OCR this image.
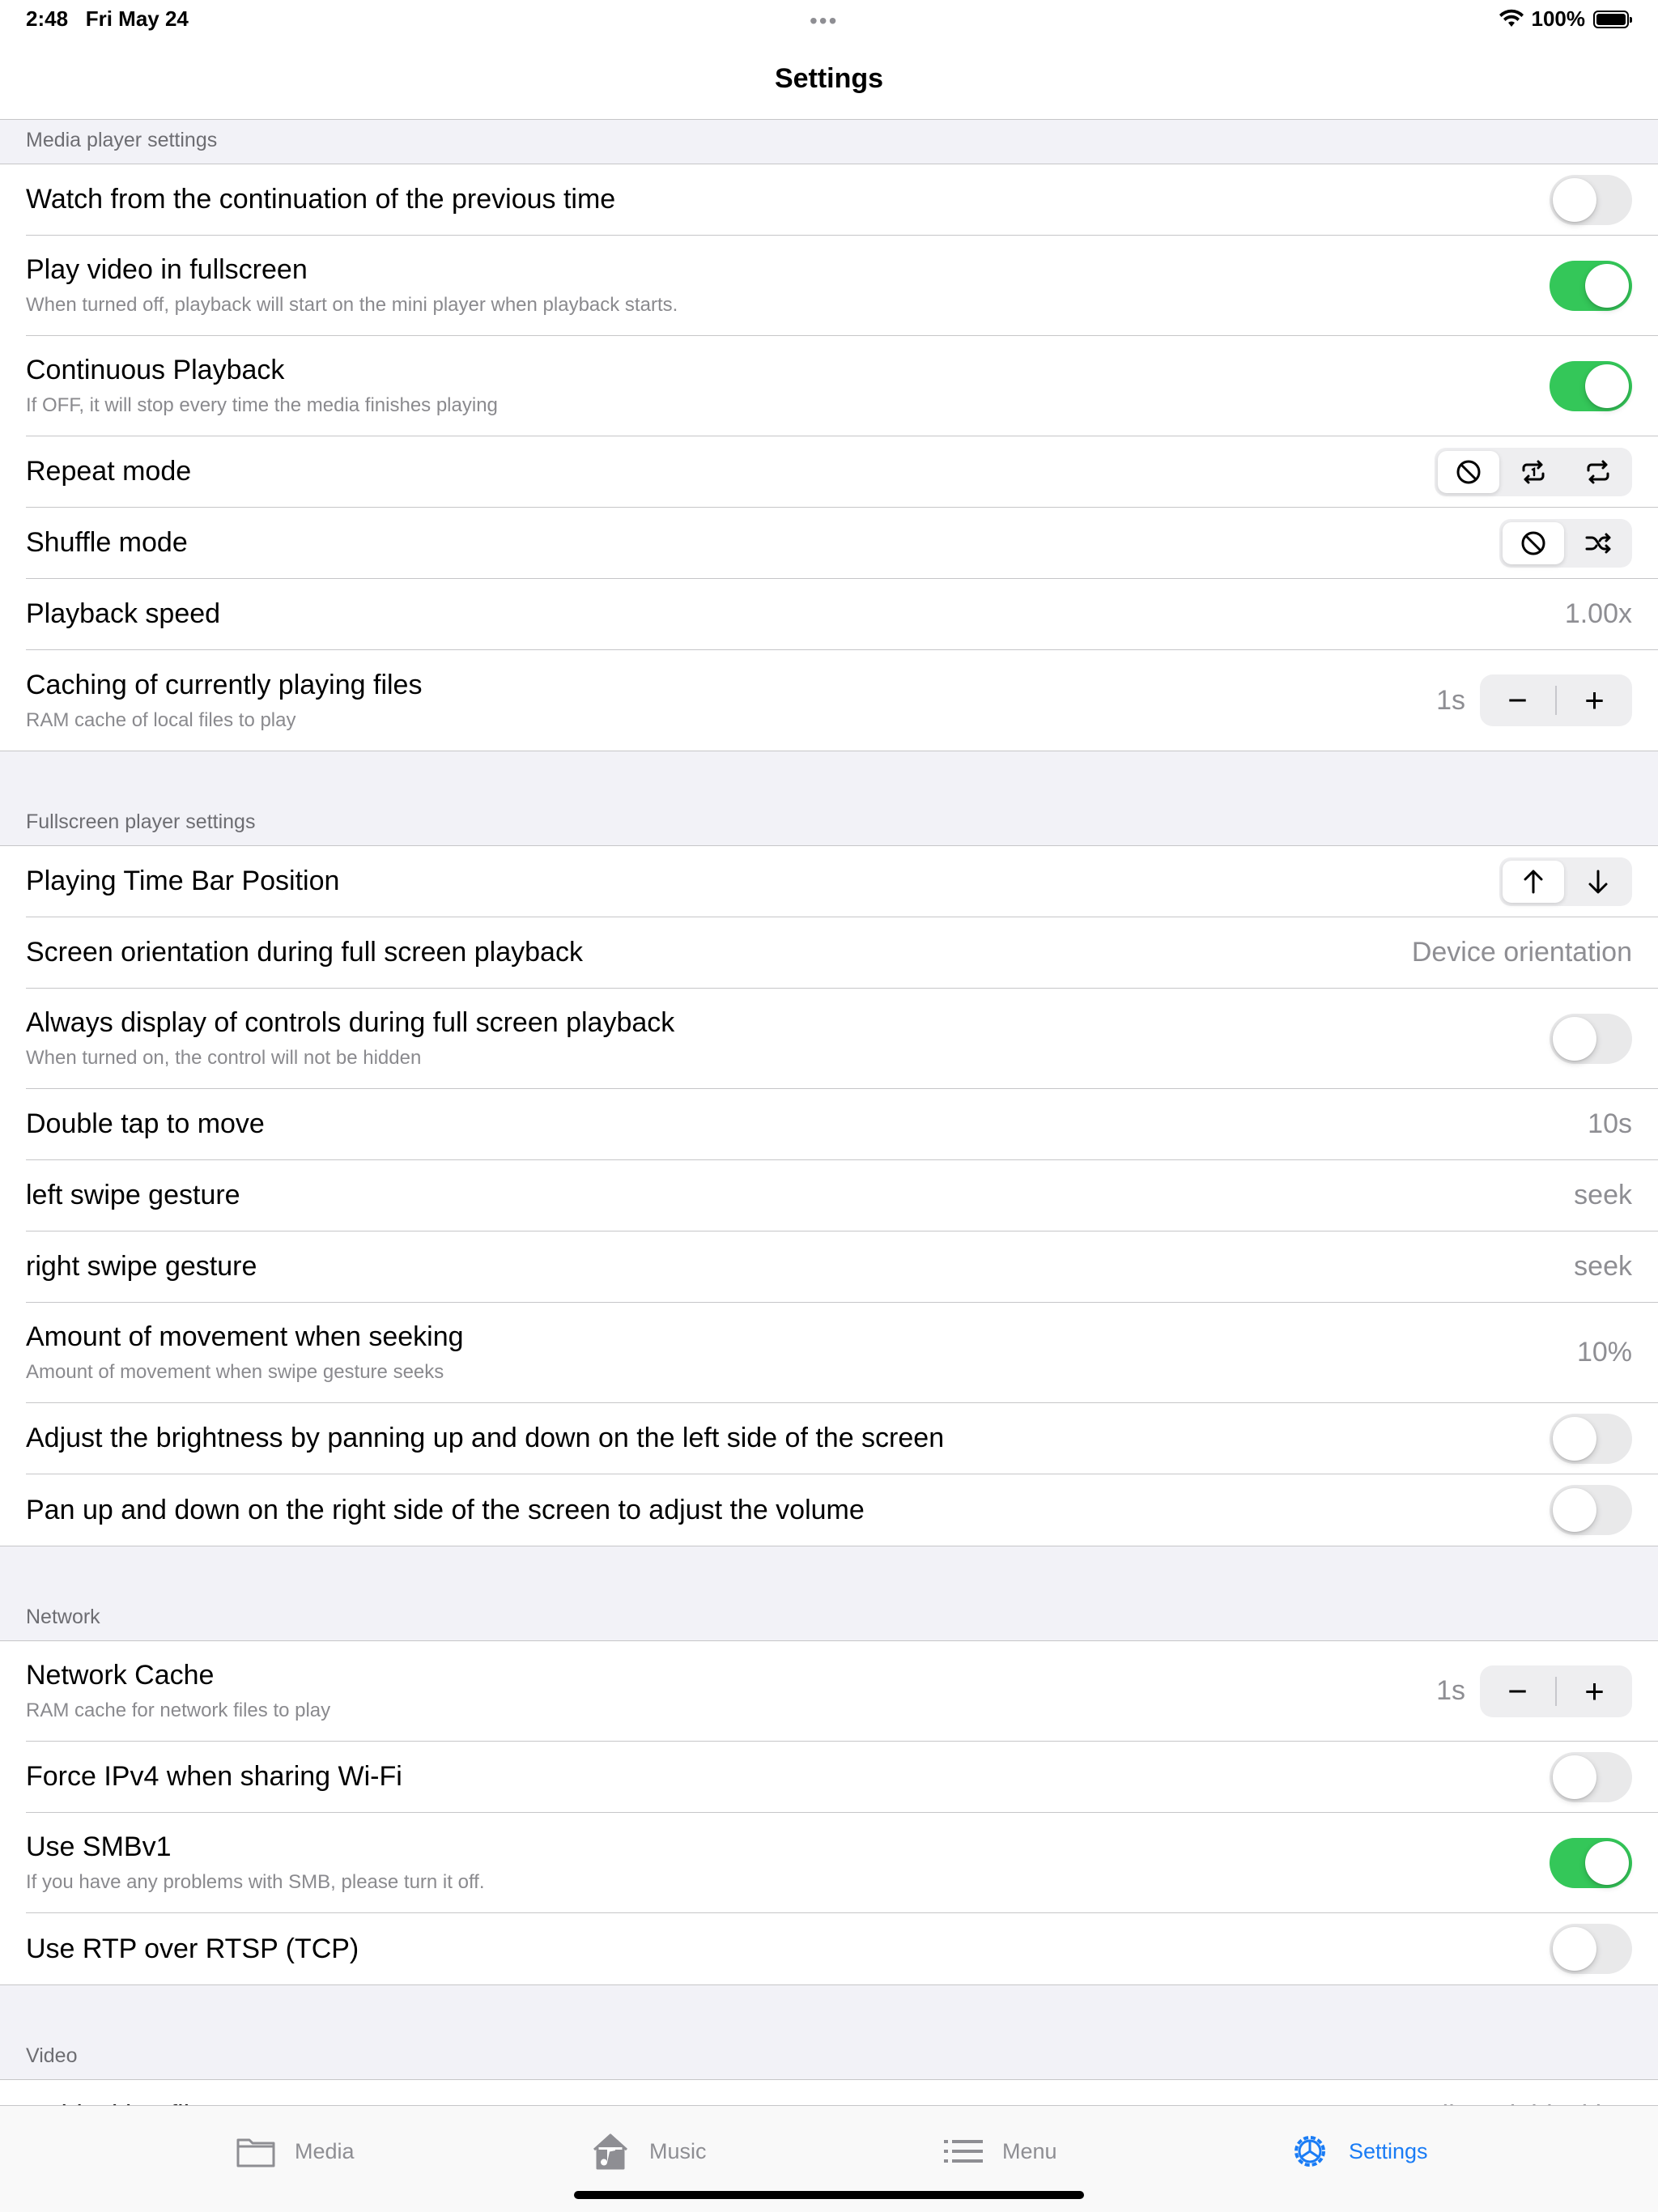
2:48 Fri May 24	•••	100%
Settings
Media player settings
Watch from the continuation of the previous time
Play video in fullscreen
When turned off, playback will start on the mini player when playback starts.
Continuous Playback
If OFF, it will stop every time the media finishes playing
Repeat mode
Shuffle mode
Playback speed	1.00x
Caching of currently playing files
RAM cache of local files to play
1s	−	+
Fullscreen player settings
Playing Time Bar Position
Screen orientation during full screen playback	Device orientation
Always display of controls during full screen playback
When turned on, the control will not be hidden
Double tap to move	10s
left swipe gesture	seek
right swipe gesture	seek
Amount of movement when seeking
Amount of movement when swipe gesture seeks
10%
Adjust the brightness by panning up and down on the left side of the screen
Pan up and down on the right side of the screen to adjust the volume
Network
Network Cache
RAM cache for network files to play
1s	−	+
Force IPv4 when sharing Wi-Fi
Use SMBv1
If you have any problems with SMB, please turn it off.
Use RTP over RTSP (TCP)
Video
Media	Music	Menu	Settings
